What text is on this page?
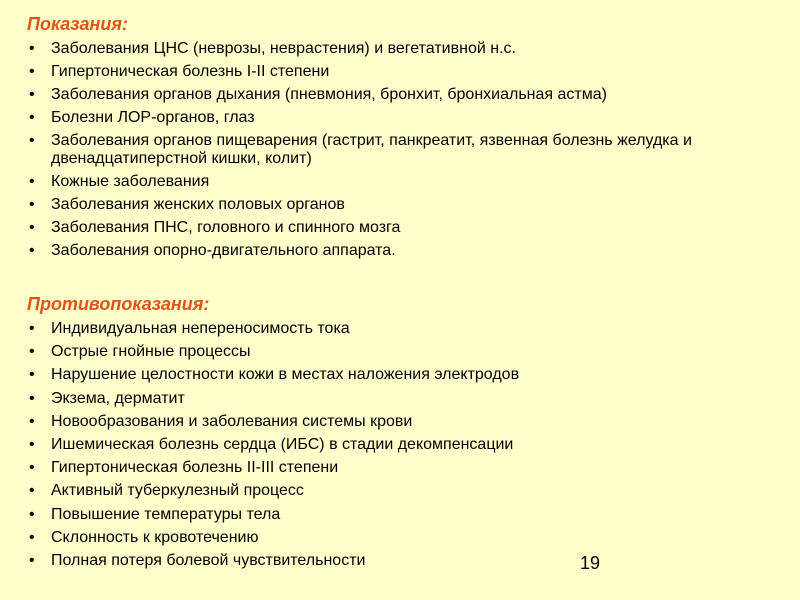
Показания:
•	Заболевания ЦНС (неврозы, неврастения) и вегетативной н.с.
•	Гипертоническая болезнь I-II степени
•	Заболевания органов дыхания (пневмония, бронхит, бронхиальная астма)
•	Болезни ЛОР-органов, глаз
•	Заболевания органов пищеварения (гастрит, панкреатит, язвенная болезнь желудка и двенадцатиперстной кишки, колит)
•	Кожные заболевания
•	Заболевания женских половых органов
•	Заболевания ПНС, головного и спинного мозга
•	Заболевания опорно-двигательного аппарата.
Противопоказания:
•	Индивидуальная непереносимость тока
•	Острые гнойные процессы
•	Нарушение целостности кожи в местах наложения электродов
•	Экзема, дерматит
•	Новообразования и заболевания системы крови
•	Ишемическая болезнь сердца (ИБС) в стадии декомпенсации
•	Гипертоническая болезнь II-III степени
•	Активный туберкулезный процесс
•	Повышение температуры тела
•	Склонность к кровотечению
•	Полная потеря болевой чувствительности	19
